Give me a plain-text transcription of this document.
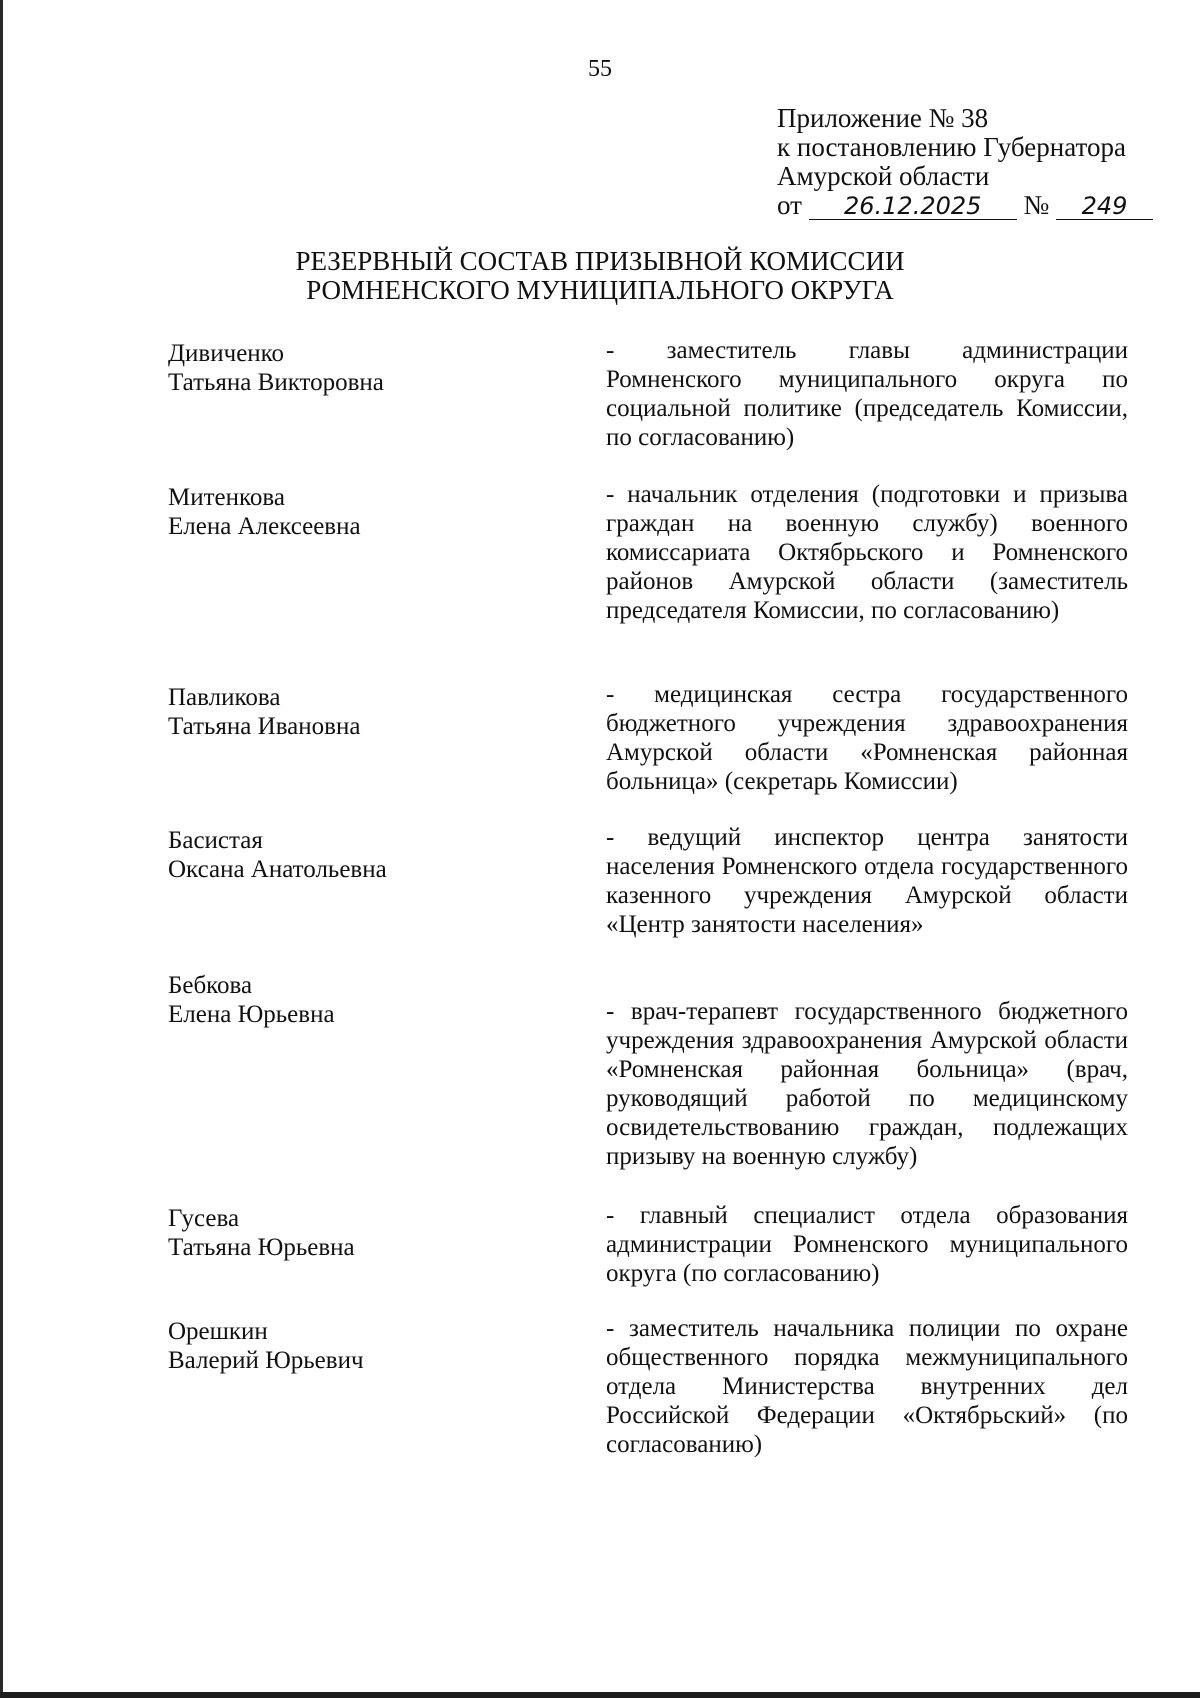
55
Приложение № 38
к постановлению Губернатора
Амурской области
от 26.12.2025 № 249
РЕЗЕРВНЫЙ СОСТАВ ПРИЗЫВНОЙ КОМИССИИ
РОМНЕНСКОГО МУНИЦИПАЛЬНОГО ОКРУГА
Дивиченко
Татьяна Викторовна
- заместитель главы администрации Ромненского муниципального округа по социальной политике (председатель Комиссии, по согласованию)
Митенкова
Елена Алексеевна
- начальник отделения (подготовки и призыва граждан на военную службу) военного комиссариата Октябрьского и Ромненского районов Амурской области (заместитель председателя Комиссии, по согласованию)
Павликова
Татьяна Ивановна
- медицинская сестра государственного бюджетного учреждения здравоохранения Амурской области «Ромненская районная больница» (секретарь Комиссии)
Басистая
Оксана Анатольевна
- ведущий инспектор центра занятости населения Ромненского отдела государственного казенного учреждения Амурской области «Центр занятости населения»
Бебкова
Елена Юрьевна	- врач-терапевт государственного бюджетного учреждения здравоохранения Амурской области «Ромненская районная больница» (врач, руководящий работой по медицинскому освидетельствованию граждан, подлежащих призыву на военную службу)
Гусева
Татьяна Юрьевна
- главный специалист отдела образования администрации Ромненского муниципального округа (по согласованию)
Орешкин
Валерий Юрьевич
- заместитель начальника полиции по охране общественного порядка межмуниципального отдела Министерства внутренних дел Российской Федерации «Октябрьский» (по согласованию)
